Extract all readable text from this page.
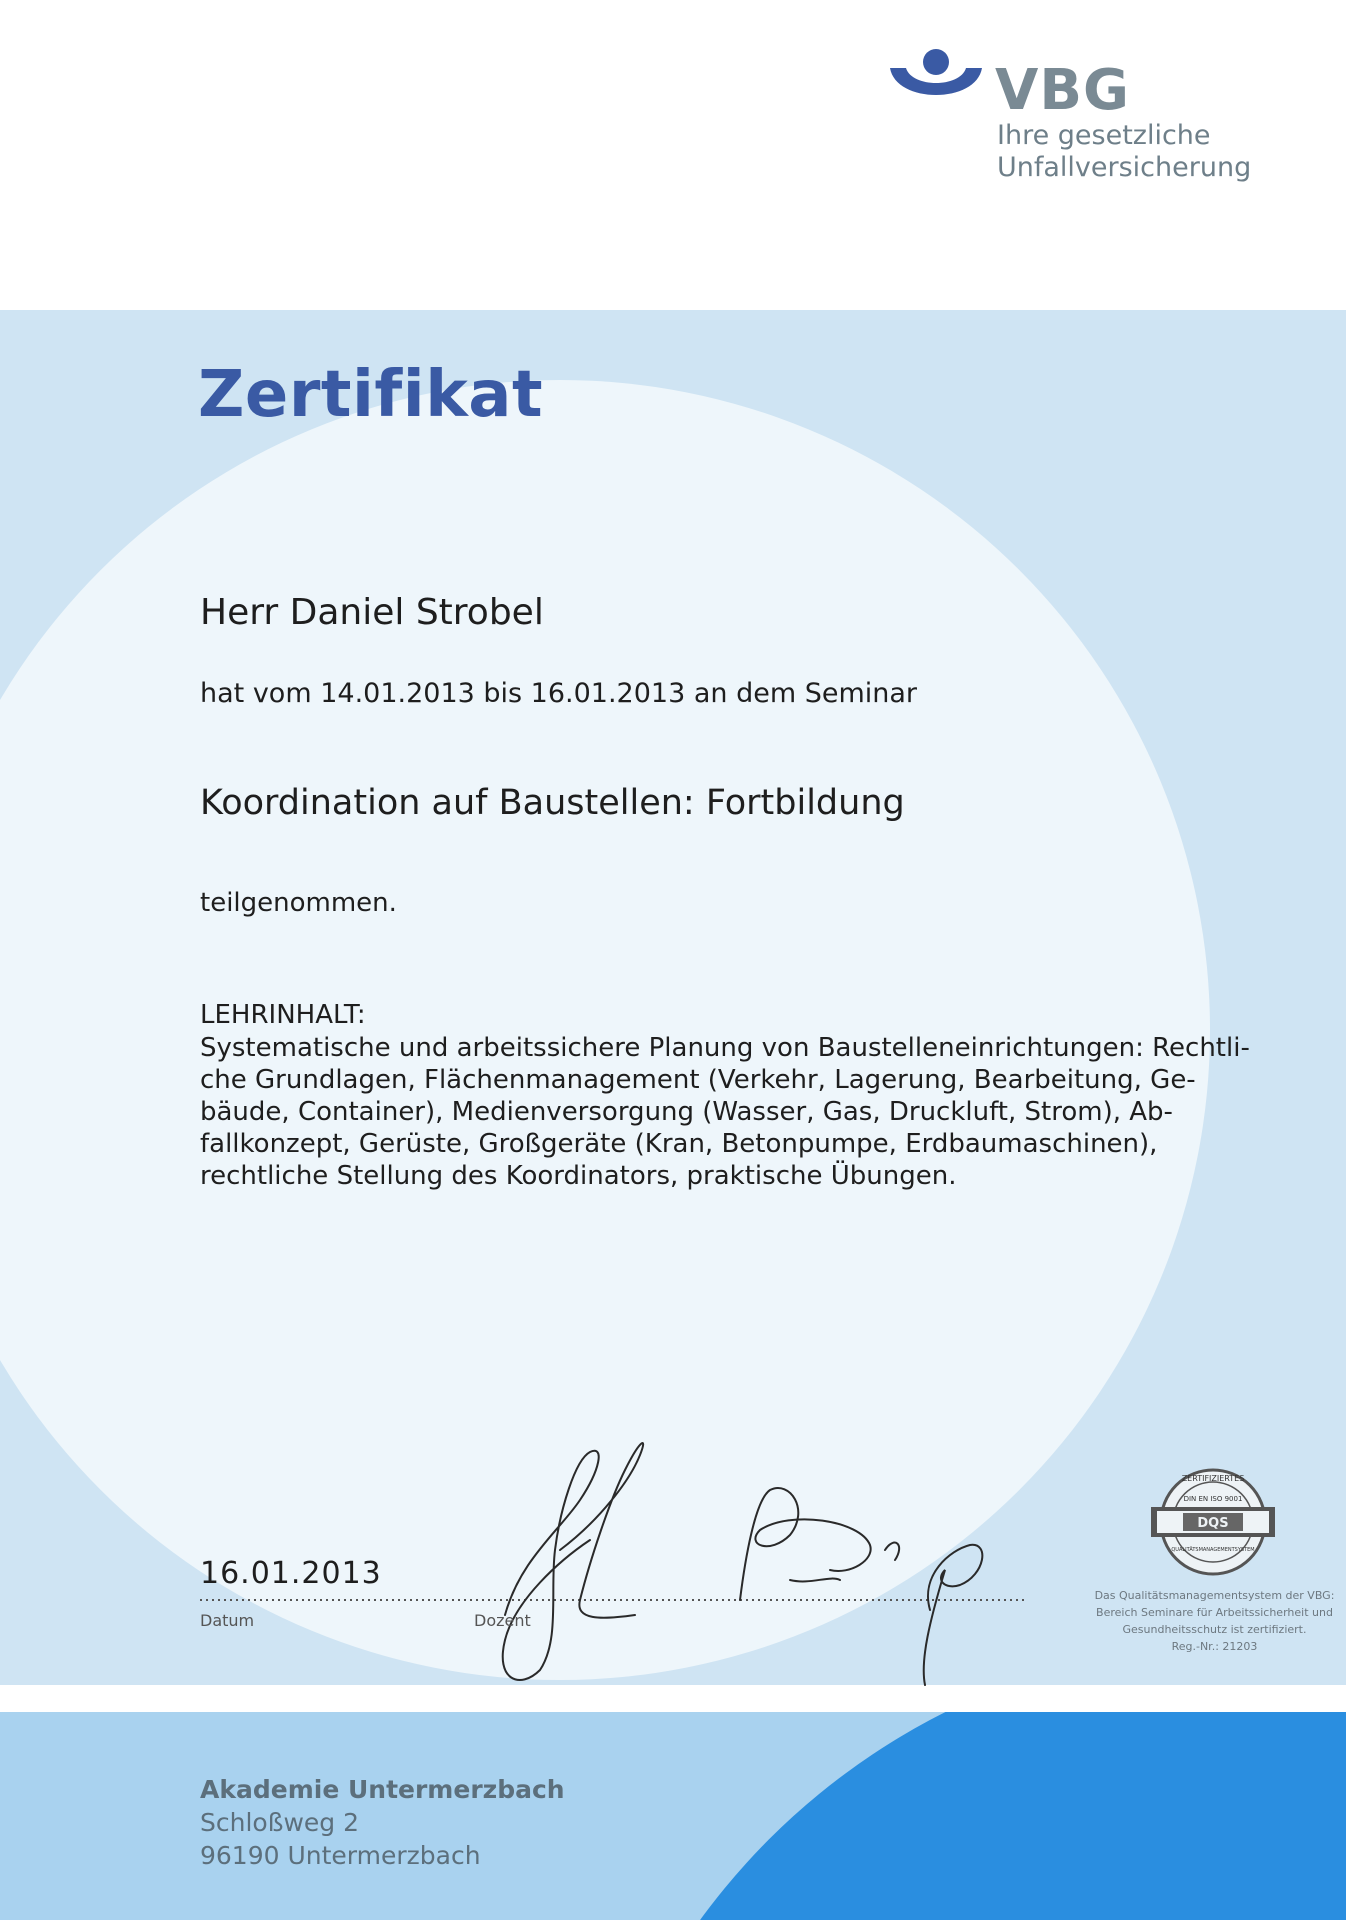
VBG
Ihre gesetzliche
Unfallversicherung
Zertifikat
Herr Daniel Strobel
hat vom 14.01.2013 bis 16.01.2013 an dem Seminar
Koordination auf Baustellen: Fortbildung
teilgenommen.
LEHRINHALT:
Systematische und arbeitssichere Planung von Baustelleneinrichtungen: Rechtli-
che Grundlagen, Flächenmanagement (Verkehr, Lagerung, Bearbeitung, Ge-
bäude, Container), Medienversorgung (Wasser, Gas, Druckluft, Strom), Ab-
fallkonzept, Gerüste, Großgeräte (Kran, Betonpumpe, Erdbaumaschinen),
rechtliche Stellung des Koordinators, praktische Übungen.
16.01.2013
Datum	Dozent
DQS
DIN EN ISO 9001
ZERTIFIZIERTES
QUALITÄTSMANAGEMENTSYSTEM
Das Qualitätsmanagementsystem der VBG:
Bereich Seminare für Arbeitssicherheit und
Gesundheitsschutz ist zertifiziert.
Reg.-Nr.: 21203
Akademie Untermerzbach
Schloßweg 2
96190 Untermerzbach
